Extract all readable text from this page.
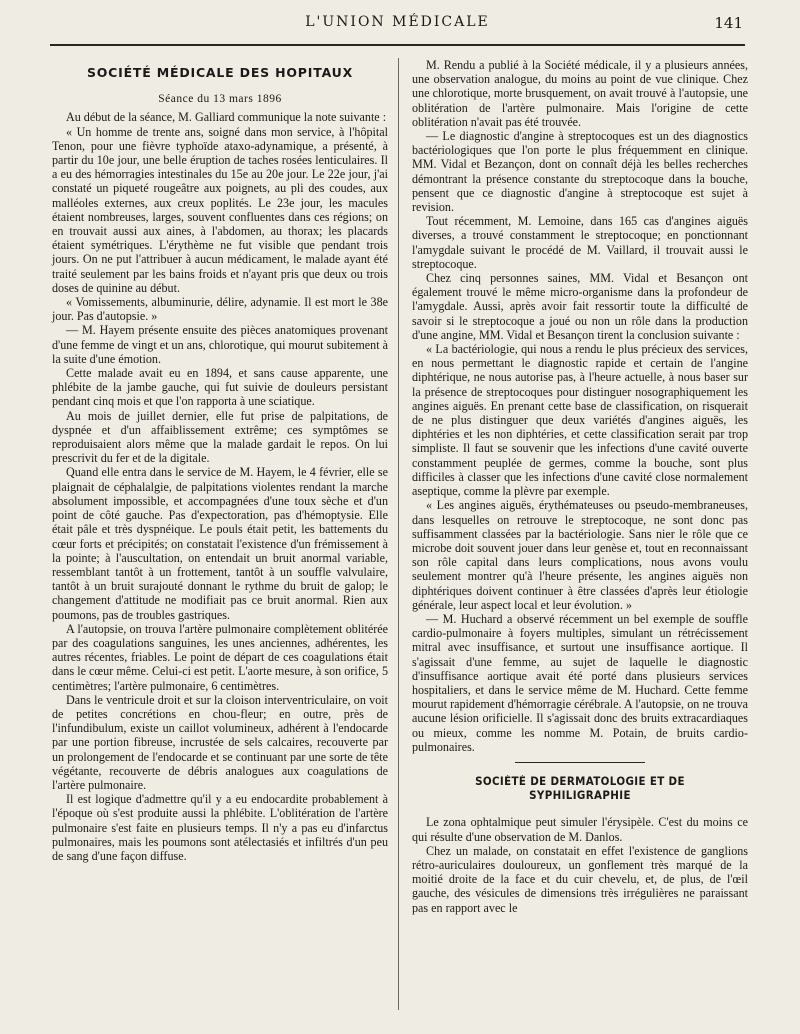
L'UNION MÉDICALE	141
SOCIÉTÉ MÉDICALE DES HOPITAUX
Séance du 13 mars 1896

Au début de la séance, M. Galliard communique la note suivante :

« Un homme de trente ans, soigné dans mon service, à l'hôpital Tenon, pour une fièvre typhoïde ataxo-adynamique, a présenté, à partir du 10e jour, une belle éruption de taches rosées lenticulaires. Il a eu des hémorragies intestinales du 15e au 20e jour. Le 22e jour, j'ai constaté un piqueté rougeâtre aux poignets, au pli des coudes, aux malléoles externes, aux creux poplités. Le 23e jour, les macules étaient nombreuses, larges, souvent confluentes dans ces régions; on en trouvait aussi aux aines, à l'abdomen, au thorax; les placards étaient symétriques. L'érythème ne fut visible que pendant trois jours. On ne put l'attribuer à aucun médicament, le malade ayant été traité seulement par les bains froids et n'ayant pris que deux ou trois doses de quinine au début.

« Vomissements, albuminurie, délire, adynamie. Il est mort le 38e jour. Pas d'autopsie. »

— M. Hayem présente ensuite des pièces anatomiques provenant d'une femme de vingt et un ans, chlorotique, qui mourut subitement à la suite d'une émotion.

Cette malade avait eu en 1894, et sans cause apparente, une phlébite de la jambe gauche, qui fut suivie de douleurs persistant pendant cinq mois et que l'on rapporta à une sciatique.

Au mois de juillet dernier, elle fut prise de palpitations, de dyspnée et d'un affaiblissement extrême; ces symptômes se reproduisaient alors même que la malade gardait le repos. On lui prescrivit du fer et de la digitale.

Quand elle entra dans le service de M. Hayem, le 4 février, elle se plaignait de céphalalgie, de palpitations violentes rendant la marche absolument impossible, et accompagnées d'une toux sèche et d'un point de côté gauche. Pas d'expectoration, pas d'hémoptysie. Elle était pâle et très dyspnéique. Le pouls était petit, les battements du cœur forts et précipités; on constatait l'existence d'un frémissement à la pointe; à l'auscultation, on entendait un bruit anormal variable, ressemblant tantôt à un frottement, tantôt à un souffle valvulaire, tantôt à un bruit surajouté donnant le rythme du bruit de galop; le changement d'attitude ne modifiait pas ce bruit anormal. Rien aux poumons, pas de troubles gastriques.

A l'autopsie, on trouva l'artère pulmonaire complètement oblitérée par des coagulations sanguines, les unes anciennes, adhérentes, les autres récentes, friables. Le point de départ de ces coagulations était dans le cœur même. Celui-ci est petit. L'aorte mesure, à son orifice, 5 centimètres; l'artère pulmonaire, 6 centimètres.

Dans le ventricule droit et sur la cloison interventriculaire, on voit de petites concrétions en chou-fleur; en outre, près de l'infundibulum, existe un caillot volumineux, adhérent à l'endocarde par une portion fibreuse, incrustée de sels calcaires, recouverte par un prolongement de l'endocarde et se continuant par une sorte de tête végétante, recouverte de débris analogues aux coagulations de l'artère pulmonaire.

Il est logique d'admettre qu'il y a eu endocardite probablement à l'époque où s'est produite aussi la phlébite. L'oblitération de l'artère pulmonaire s'est faite en plusieurs temps. Il n'y a pas eu d'infarctus pulmonaires, mais les poumons sont atélectasiés et infiltrés d'un peu de sang d'une façon diffuse.

M. Rendu a publié à la Société médicale, il y a plusieurs années, une observation analogue, du moins au point de vue clinique. Chez une chlorotique, morte brusquement, on avait trouvé à l'autopsie, une oblitération de l'artère pulmonaire. Mais l'origine de cette oblitération n'avait pas été trouvée.

— Le diagnostic d'angine à streptocoques est un des diagnostics bactériologiques que l'on porte le plus fréquemment en clinique. MM. Vidal et Bezançon, dont on connaît déjà les belles recherches démontrant la présence constante du streptocoque dans la bouche, pensent que ce diagnostic d'angine à streptocoque est sujet à revision.

Tout récemment, M. Lemoine, dans 165 cas d'angines aiguës diverses, a trouvé constamment le streptocoque; en ponctionnant l'amygdale suivant le procédé de M. Vaillard, il trouvait aussi le streptocoque.

Chez cinq personnes saines, MM. Vidal et Besançon ont également trouvé le même micro-organisme dans la profondeur de l'amygdale. Aussi, après avoir fait ressortir toute la difficulté de savoir si le streptocoque a joué ou non un rôle dans la production d'une angine, MM. Vidal et Besançon tirent la conclusion suivante :

« La bactériologie, qui nous a rendu le plus précieux des services, en nous permettant le diagnostic rapide et certain de l'angine diphtérique, ne nous autorise pas, à l'heure actuelle, à nous baser sur la présence de streptocoques pour distinguer nosographiquement les angines aiguës. En prenant cette base de classification, on risquerait de ne plus distinguer que deux variétés d'angines aiguës, les diphtéries et les non diphtéries, et cette classification serait par trop simpliste. Il faut se souvenir que les infections d'une cavité ouverte constamment peuplée de germes, comme la bouche, sont plus difficiles à classer que les infections d'une cavité close normalement aseptique, comme la plèvre par exemple.

« Les angines aiguës, érythémateuses ou pseudo-membraneuses, dans lesquelles on retrouve le streptocoque, ne sont donc pas suffisamment classées par la bactériologie. Sans nier le rôle que ce microbe doit souvent jouer dans leur genèse et, tout en reconnaissant son rôle capital dans leurs complications, nous avons voulu seulement montrer qu'à l'heure présente, les angines aiguës non diphtériques doivent continuer à être classées d'après leur étiologie générale, leur aspect local et leur évolution. »

— M. Huchard a observé récemment un bel exemple de souffle cardio-pulmonaire à foyers multiples, simulant un rétrécissement mitral avec insuffisance, et surtout une insuffisance aortique. Il s'agissait d'une femme, au sujet de laquelle le diagnostic d'insuffisance aortique avait été porté dans plusieurs services hospitaliers, et dans le service même de M. Huchard. Cette femme mourut rapidement d'hémorragie cérébrale. A l'autopsie, on ne trouva aucune lésion orificielle. Il s'agissait donc des bruits extracardiaques ou mieux, comme les nomme M. Potain, de bruits cardio-pulmonaires.

SOCIÉTÉ DE DERMATOLOGIE ET DE SYPHILIGRAPHIE

Le zona ophtalmique peut simuler l'érysipèle. C'est du moins ce qui résulte d'une observation de M. Danlos.

Chez un malade, on constatait en effet l'existence de ganglions rétro-auriculaires douloureux, un gonflement très marqué de la moitié droite de la face et du cuir chevelu, et, de plus, de l'œil gauche, des vésicules de dimensions très irrégulières ne paraissant pas en rapport avec le
